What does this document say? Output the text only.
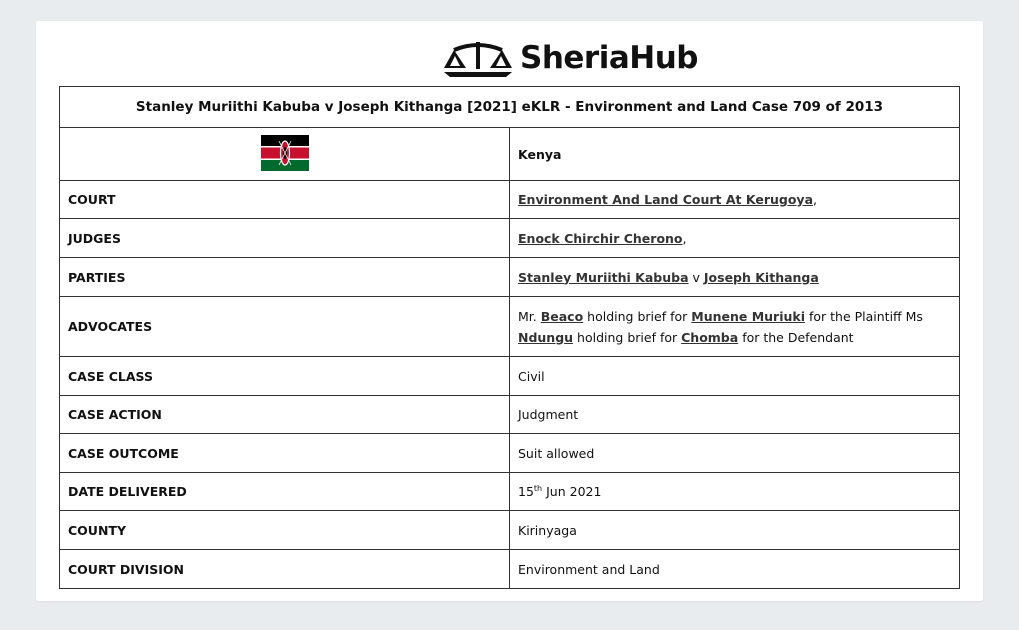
SheriaHub
Stanley Muriithi Kabuba v Joseph Kithanga [2021] eKLR - Environment and Land Case 709 of 2013	
	Kenya
COURT	Environment And Land Court At Kerugoya,
JUDGES	Enock Chirchir Cherono,
PARTIES	Stanley Muriithi Kabuba v Joseph Kithanga
ADVOCATES	Mr. Beaco holding brief for Munene Muriuki for the Plaintiff Ms Ndungu holding brief for Chomba for the Defendant
CASE CLASS	Civil
CASE ACTION	Judgment
CASE OUTCOME	Suit allowed
DATE DELIVERED	15th Jun 2021
COUNTY	Kirinyaga
COURT DIVISION	Environment and Land
